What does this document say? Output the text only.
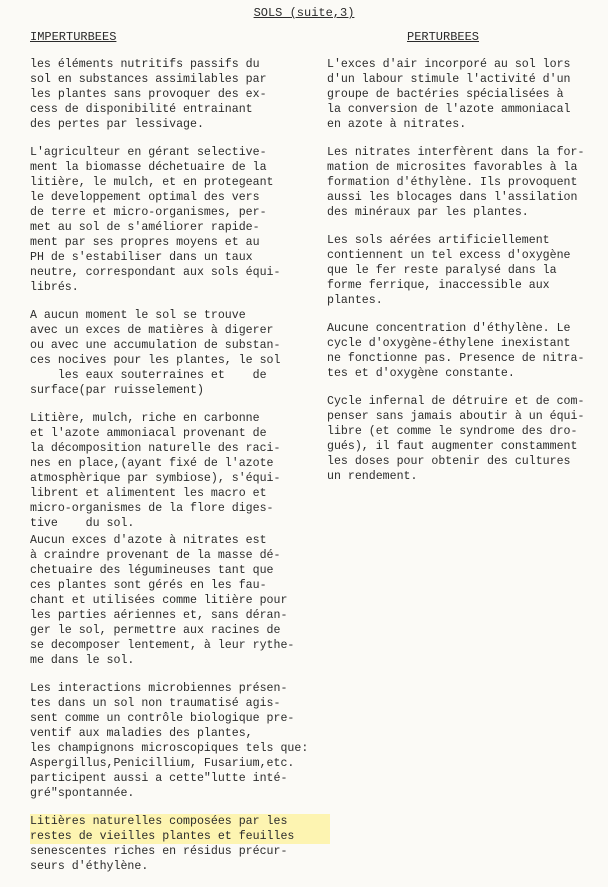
SOLS (suite,3)
IMPERTURBEES
les éléments nutritifs passifs du
sol en substances assimilables par
les plantes sans provoquer des ex-
cess de disponibilité entrainant
des pertes par lessivage.
L'agriculteur en gérant selective-
ment la biomasse déchetuaire de la
litière, le mulch, et en protegeant
le developpement optimal des vers
de terre et micro-organismes, per-
met au sol de s'améliorer rapide-
ment par ses propres moyens et au
PH de s'estabiliser dans un taux
neutre, correspondant aux sols équi-
librés.
A aucun moment le sol se trouve
avec un exces de matières à digerer
ou avec une accumulation de substan-
ces nocives pour les plantes, le sol
les eaux souterraines et    de
surface(par ruisselement)
Litière, mulch, riche en carbonne
et l'azote ammoniacal provenant de
la décomposition naturelle des raci-
nes en place,(ayant fixé de l'azote
atmosphèrique par symbiose), s'équi-
librent et alimentent les macro et
micro-organismes de la flore diges-
tive    du sol.
Aucun exces d'azote à nitrates est
à craindre provenant de la masse dé-
chetuaire des légumineuses tant que
ces plantes sont gérés en les fau-
chant et utilisées comme litière pour
les parties aériennes et, sans déran-
ger le sol, permettre aux racines de
se decomposer lentement, à leur rythe-
me dans le sol.
Les interactions microbiennes présen-
tes dans un sol non traumatisé agis-
sent comme un contrôle biologique pre-
ventif aux maladies des plantes,
les champignons microscopiques tels que:
Aspergillus,Penicillium, Fusarium,etc.
participent aussi a cette"lutte inté-
gré"spontannée.
Litières naturelles composées par les
restes de vieilles plantes et feuilles
senescentes riches en résidus précur-
seurs d'éthylène.
PERTURBEES
L'exces d'air incorporé au sol lors
d'un labour stimule l'activité d'un
groupe de bactéries spécialisées à
la conversion de l'azote ammoniacal
en azote à nitrates.
Les nitrates interfèrent dans la for-
mation de microsites favorables à la
formation d'éthylène. Ils provoquent
aussi les blocages dans l'assilation
des minéraux par les plantes.
Les sols aérées artificiellement
contiennent un tel excess d'oxygène
que le fer reste paralysé dans la
forme ferrique, inaccessible aux
plantes.
Aucune concentration d'éthylène. Le
cycle d'oxygène-éthylene inexistant
ne fonctionne pas. Presence de nitra-
tes et d'oxygène constante.
Cycle infernal de détruire et de com-
penser sans jamais aboutir à un équi-
libre (et comme le syndrome des dro-
gués), il faut augmenter constamment
les doses pour obtenir des cultures
un rendement.
